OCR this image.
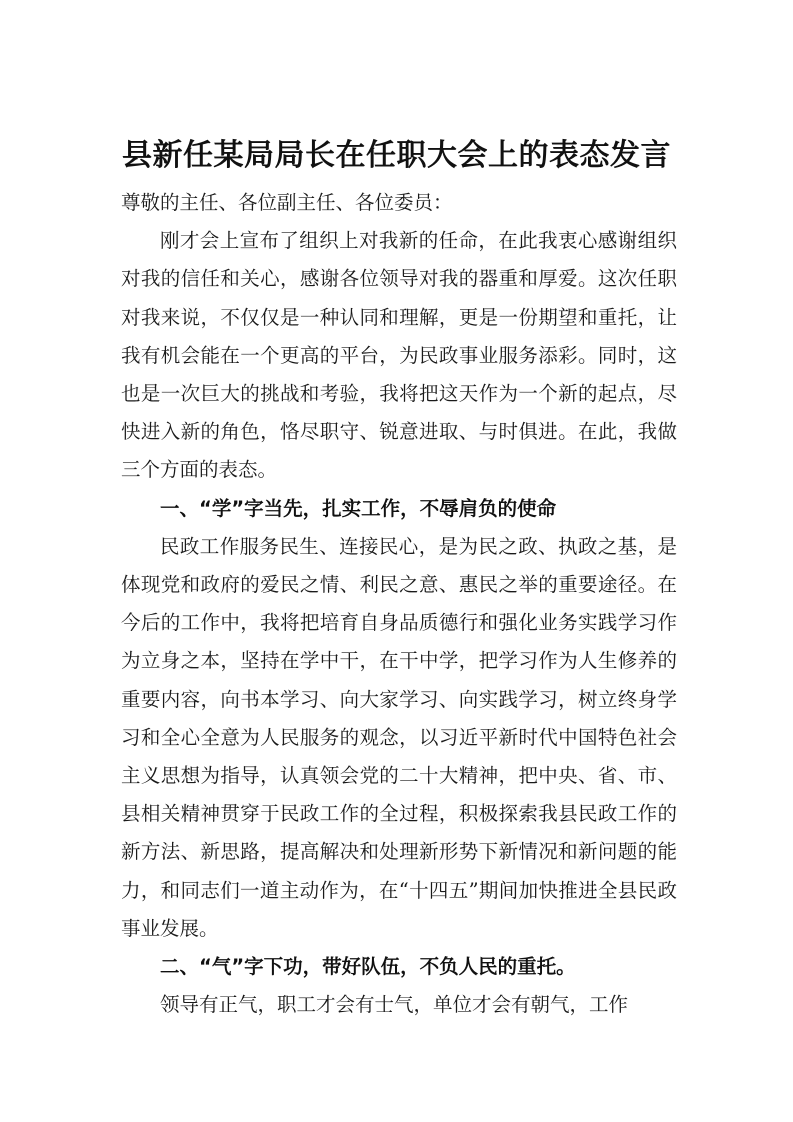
县新任某局局长在任职大会上的表态发言

尊敬的主任、各位副主任、各位委员：

刚才会上宣布了组织上对我新的任命，在此我衷心感谢组织对我的信任和关心，感谢各位领导对我的器重和厚爱。这次任职对我来说，不仅仅是一种认同和理解，更是一份期望和重托，让我有机会能在一个更高的平台，为民政事业服务添彩。同时，这也是一次巨大的挑战和考验，我将把这天作为一个新的起点，尽快进入新的角色，恪尽职守、锐意进取、与时俱进。在此，我做三个方面的表态。

一、“学”字当先，扎实工作，不辱肩负的使命

民政工作服务民生、连接民心，是为民之政、执政之基，是体现党和政府的爱民之情、利民之意、惠民之举的重要途径。在今后的工作中，我将把培育自身品质德行和强化业务实践学习作为立身之本，坚持在学中干，在干中学，把学习作为人生修养的重要内容，向书本学习、向大家学习、向实践学习，树立终身学习和全心全意为人民服务的观念，以习近平新时代中国特色社会主义思想为指导，认真领会党的二十大精神，把中央、省、市、县相关精神贯穿于民政工作的全过程，积极探索我县民政工作的新方法、新思路，提高解决和处理新形势下新情况和新问题的能力，和同志们一道主动作为，在“十四五”期间加快推进全县民政事业发展。

二、“气”字下功，带好队伍，不负人民的重托。

领导有正气，职工才会有士气，单位才会有朝气，工作
